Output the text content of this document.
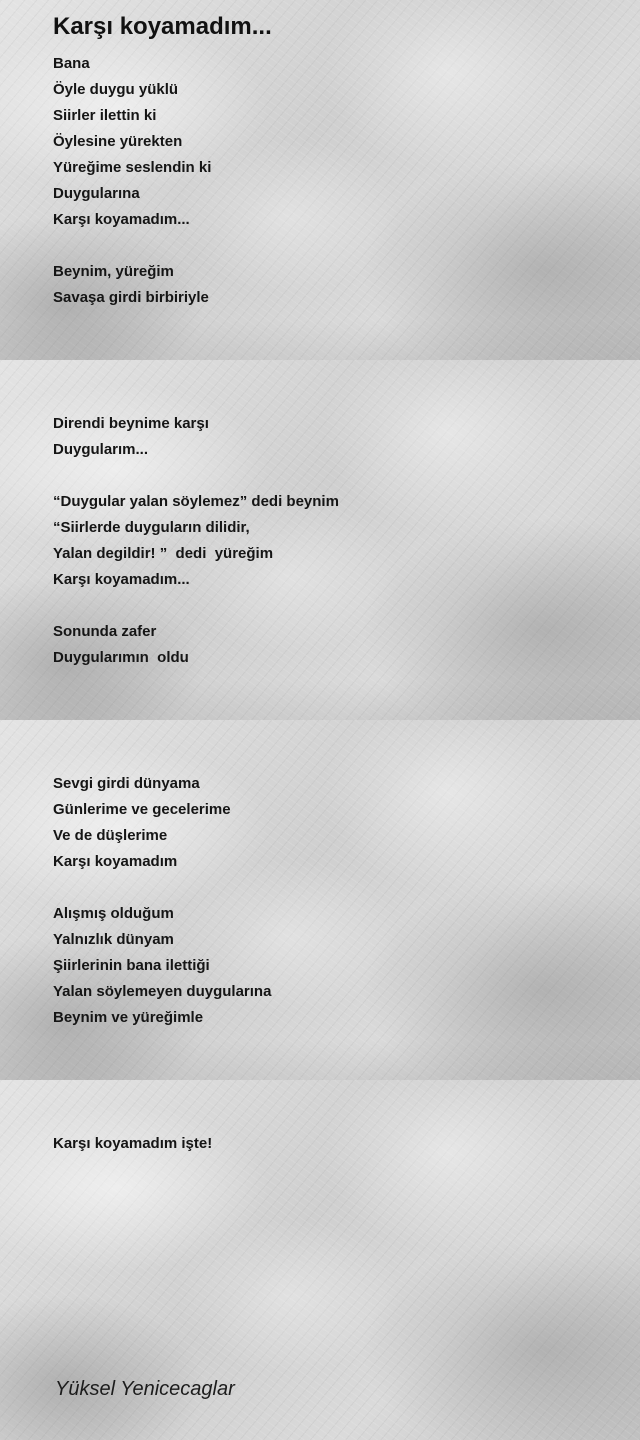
Karşı koyamadım...
Bana
Öyle duygu yüklü
Siirler ilettin ki
Öylesine yürekten
Yüreğime seslendin ki
Duygularına
Karşı koyamadım...
Beynim, yüreğim
Savaşa girdi birbiriyle
Direndi beynime karşı
Duygularım...
“Duygular yalan söylemez” dedi beynim
“Siirlerde duyguların dilidir,
Yalan degildir! ”  dedi  yüreğim
Karşı koyamadım...
Sonunda zafer
Duygularımın  oldu
Sevgi girdi dünyama
Günlerime ve gecelerime
Ve de düşlerime
Karşı koyamadım
Alışmış olduğum
Yalnızlık dünyam
Şiirlerinin bana ilettiği
Yalan söylemeyen duygularına
Beynim ve yüreğimle
Karşı koyamadım işte!
Yüksel Yenicecaglar
